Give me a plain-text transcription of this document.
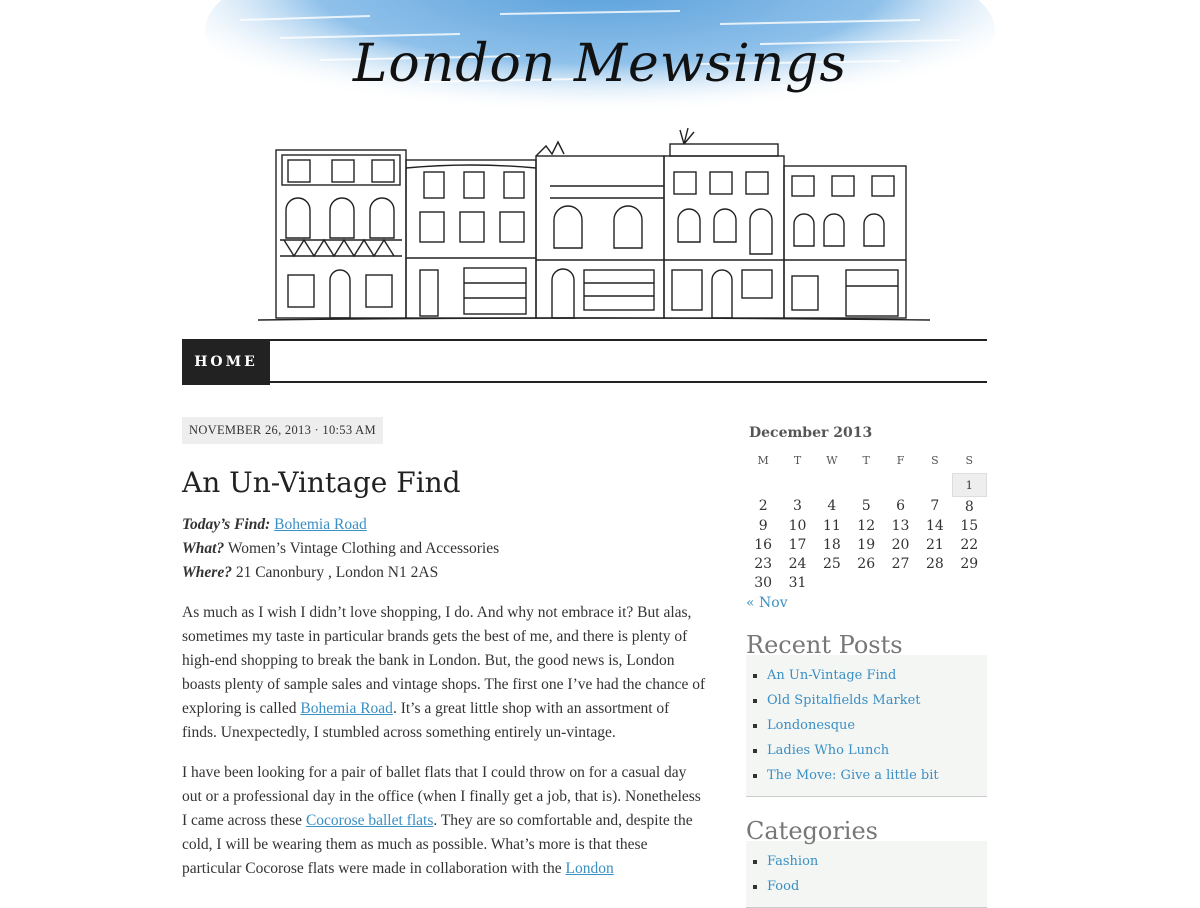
London Mewsings
HOME
NOVEMBER 26, 2013 · 10:53 AM
An Un-Vintage Find
Today’s Find: Bohemia Road
What? Women’s Vintage Clothing and Accessories
Where? 21 Canonbury , London N1 2AS

As much as I wish I didn’t love shopping, I do. And why not embrace it? But alas, sometimes my taste in particular brands gets the best of me, and there is plenty of high-end shopping to break the bank in London. But, the good news is, London boasts plenty of sample sales and vintage shops. The first one I’ve had the chance of exploring is called Bohemia Road. It’s a great little shop with an assortment of finds. Unexpectedly, I stumbled across something entirely un-vintage.

I have been looking for a pair of ballet flats that I could throw on for a casual day out or a professional day in the office (when I finally get a job, that is). Nonetheless I came across these Cocorose ballet flats. They are so comfortable and, despite the cold, I will be wearing them as much as possible. What’s more is that these particular Cocorose flats were made in collaboration with the London

December 2013
M	T	W	T	F	S	S
						1
2	3	4	5	6	7	8
9	10	11	12	13	14	15
16	17	18	19	20	21	22
23	24	25	26	27	28	29
30	31					
« Nov
Recent Posts
▪ An Un-Vintage Find
▪ Old Spitalfields Market
▪ Londonesque
▪ Ladies Who Lunch
▪ The Move: Give a little bit
Categories
▪ Fashion
▪ Food
